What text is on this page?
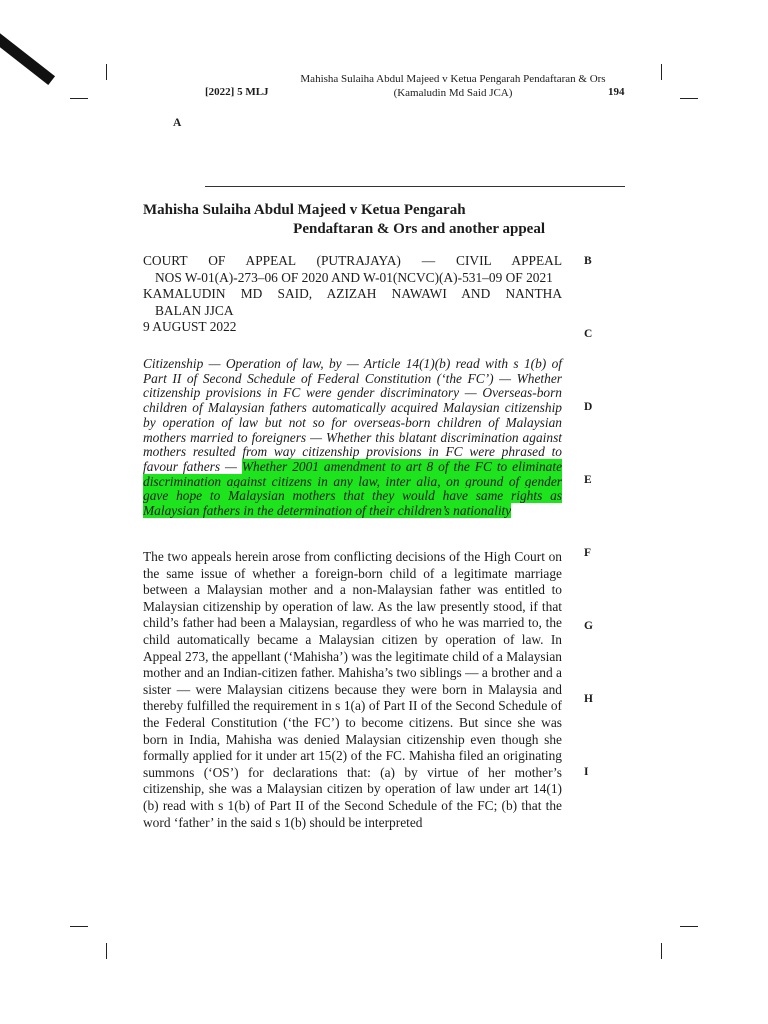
[2022] 5 MLJ
Mahisha Sulaiha Abdul Majeed v Ketua Pengarah Pendaftaran & Ors (Kamaludin Md Said JCA)	194
A
B
C
D
E
F
G
H
I
Mahisha Sulaiha Abdul Majeed v Ketua Pengarah
Pendaftaran & Ors and another appeal

COURT OF APPEAL (PUTRAJAYA) — CIVIL APPEAL

NOS W-01(A)-273–06 OF 2020 AND W-01(NCVC)(A)-531–09 OF 2021

KAMALUDIN MD SAID, AZIZAH NAWAWI AND NANTHA

BALAN JJCA

9 AUGUST 2022

Citizenship — Operation of law, by — Article 14(1)(b) read with s 1(b) of Part II of Second Schedule of Federal Constitution (‘the FC’) — Whether citizenship provisions in FC were gender discriminatory — Overseas-born children of Malaysian fathers automatically acquired Malaysian citizenship by operation of law but not so for overseas-born children of Malaysian mothers married to foreigners — Whether this blatant discrimination against mothers resulted from way citizenship provisions in FC were phrased to favour fathers — Whether 2001 amendment to art 8 of the FC to eliminate discrimination against citizens in any law, inter alia, on ground of gender gave hope to Malaysian mothers that they would have same rights as Malaysian fathers in the determination of their children’s nationality

The two appeals herein arose from conflicting decisions of the High Court on the same issue of whether a foreign-born child of a legitimate marriage between a Malaysian mother and a non-Malaysian father was entitled to Malaysian citizenship by operation of law. As the law presently stood, if that child’s father had been a Malaysian, regardless of who he was married to, the child automatically became a Malaysian citizen by operation of law. In Appeal 273, the appellant (‘Mahisha’) was the legitimate child of a Malaysian mother and an Indian-citizen father. Mahisha’s two siblings — a brother and a sister — were Malaysian citizens because they were born in Malaysia and thereby fulfilled the requirement in s 1(a) of Part II of the Second Schedule of the Federal Constitution (‘the FC’) to become citizens. But since she was born in India, Mahisha was denied Malaysian citizenship even though she formally applied for it under art 15(2) of the FC. Mahisha filed an originating summons (‘OS’) for declarations that: (a) by virtue of her mother’s citizenship, she was a Malaysian citizen by operation of law under art 14(1)(b) read with s 1(b) of Part II of the Second Schedule of the FC; (b) that the word ‘father’ in the said s 1(b) should be interpreted
